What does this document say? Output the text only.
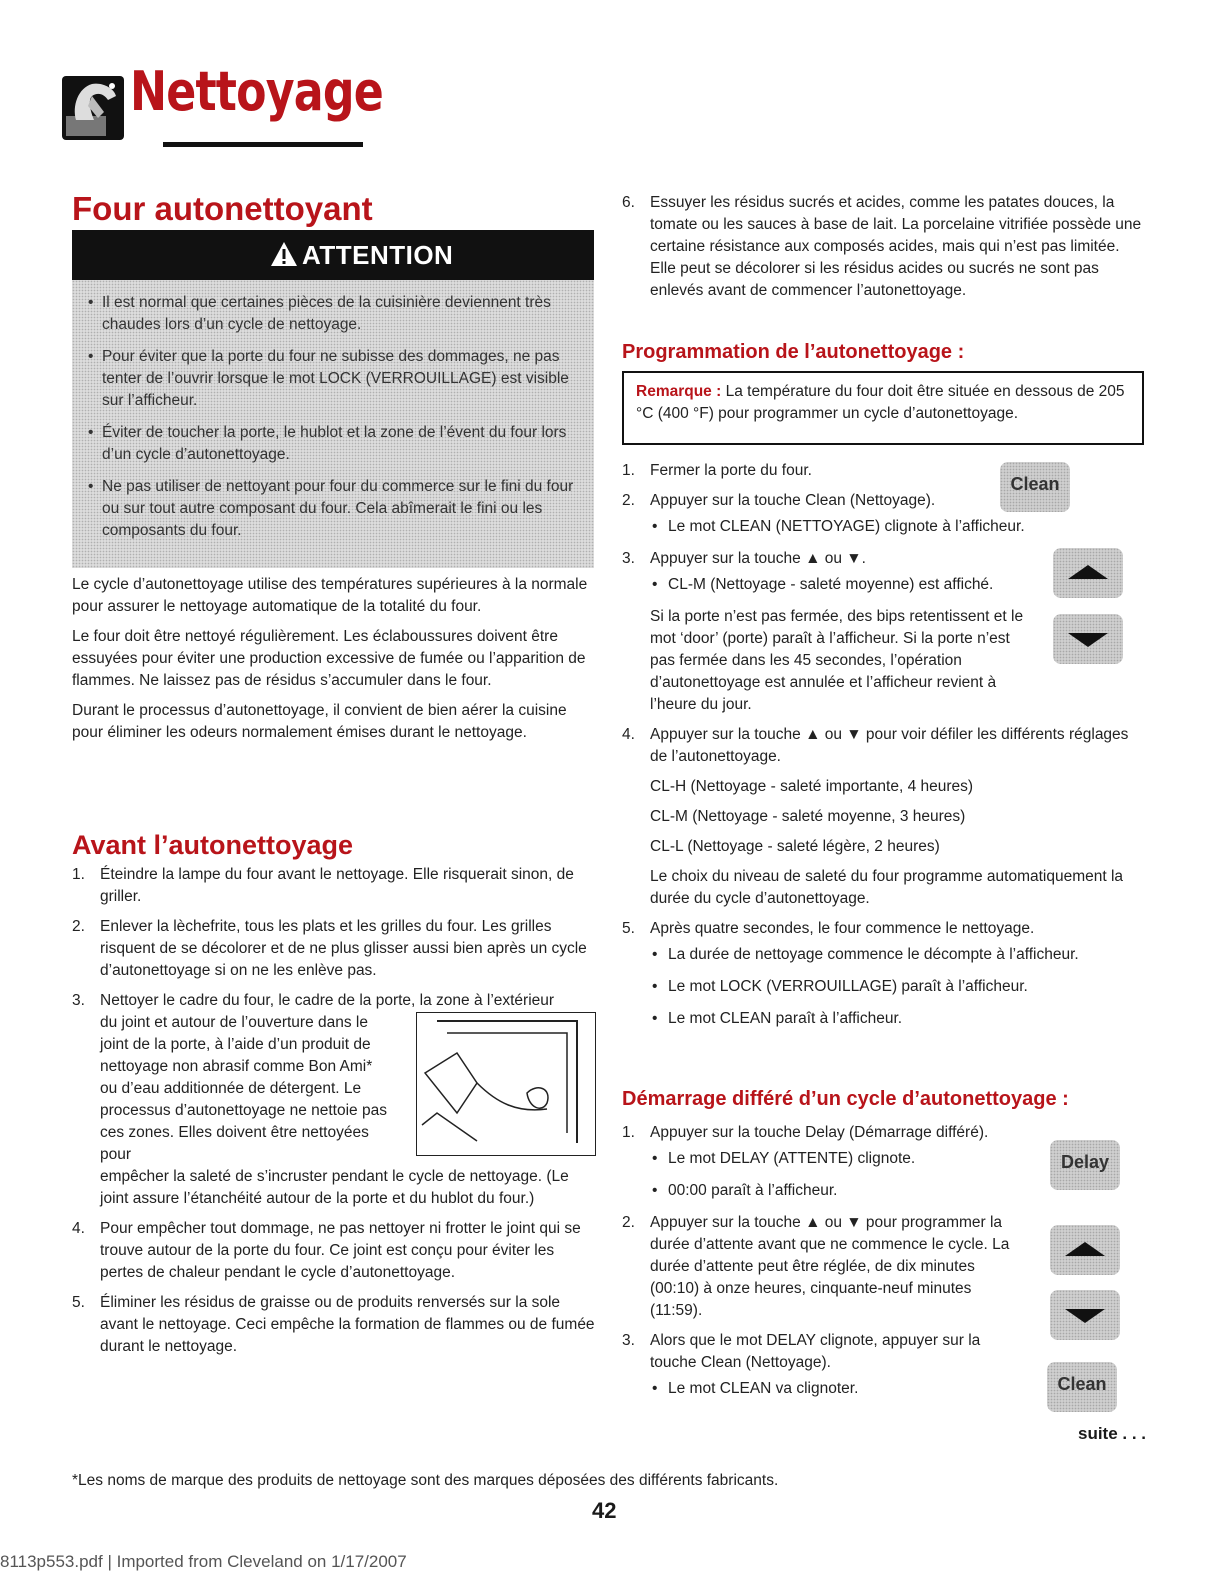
Nettoyage
Four autonettoyant
ATTENTION
• Il est normal que certaines pièces de la cuisinière deviennent très chaudes lors d’un cycle de nettoyage.
• Pour éviter que la porte du four ne subisse des dommages, ne pas tenter de l’ouvrir lorsque le mot LOCK (VERROUILLAGE) est visible sur l’afficheur.
• Éviter de toucher la porte, le hublot et la zone de l’évent du four lors d’un cycle d’autonettoyage.
• Ne pas utiliser de nettoyant pour four du commerce sur le fini du four ou sur tout autre composant du four. Cela abîmerait le fini ou les composants du four.

Le cycle d’autonettoyage utilise des températures supérieures à la normale pour assurer le nettoyage automatique de la totalité du four.

Le four doit être nettoyé régulièrement. Les éclaboussures doivent être essuyées pour éviter une production excessive de fumée ou l’apparition de flammes. Ne laissez pas de résidus s’accumuler dans le four.

Durant le processus d’autonettoyage, il convient de bien aérer la cuisine pour éliminer les odeurs normalement émises durant le nettoyage.

Avant l’autonettoyage
1. Éteindre la lampe du four avant le nettoyage. Elle risquerait sinon, de griller.
2. Enlever la lèchefrite, tous les plats et les grilles du four. Les grilles risquent de se décolorer et de ne plus glisser aussi bien après un cycle d’autonettoyage si on ne les enlève pas.
3. Nettoyer le cadre du four, le cadre de la porte, la zone à l’extérieur
du joint et autour de l’ouverture dans le joint de la porte, à l’aide d’un produit de nettoyage non abrasif comme Bon Ami* ou d’eau additionnée de détergent. Le processus d’autonettoyage ne nettoie pas ces zones. Elles doivent être nettoyées pour
empêcher la saleté de s’incruster pendant le cycle de nettoyage. (Le joint assure l’étanchéité autour de la porte et du hublot du four.)
4. Pour empêcher tout dommage, ne pas nettoyer ni frotter le joint qui se trouve autour de la porte du four. Ce joint est conçu pour éviter les pertes de chaleur pendant le cycle d’autonettoyage.
5. Éliminer les résidus de graisse ou de produits renversés sur la sole avant le nettoyage. Ceci empêche la formation de flammes ou de fumée durant le nettoyage.
6. Essuyer les résidus sucrés et acides, comme les patates douces, la tomate ou les sauces à base de lait. La porcelaine vitrifiée possède une certaine résistance aux composés acides, mais qui n’est pas limitée. Elle peut se décolorer si les résidus acides ou sucrés ne sont pas enlevés avant de commencer l’autonettoyage.
Programmation de l’autonettoyage :

Remarque : La température du four doit être située en dessous de 205 °C (400 °F) pour programmer un cycle d’autonettoyage.

1. Fermer la porte du four.
2. Appuyer sur la touche Clean (Nettoyage).
• Le mot CLEAN (NETTOYAGE) clignote à l’afficheur.
3. Appuyer sur la touche ▲ ou ▼.
• CL-M (Nettoyage - saleté moyenne) est affiché.
Si la porte n’est pas fermée, des bips retentissent et le mot ‘door’ (porte) paraît à l’afficheur. Si la porte n’est pas fermée dans les 45 secondes, l’opération d’autonettoyage est annulée et l’afficheur revient à l’heure du jour.
4. Appuyer sur la touche ▲ ou ▼ pour voir défiler les différents réglages de l’autonettoyage.
CL-H (Nettoyage - saleté importante, 4 heures)
CL-M (Nettoyage - saleté moyenne, 3 heures)
CL-L (Nettoyage - saleté légère, 2 heures)
Le choix du niveau de saleté du four programme automatiquement la durée du cycle d’autonettoyage.
5. Après quatre secondes, le four commence le nettoyage.
• La durée de nettoyage commence le décompte à l’afficheur.
• Le mot LOCK (VERROUILLAGE) paraît à l’afficheur.
• Le mot CLEAN paraît à l’afficheur.
Démarrage différé d’un cycle d’autonettoyage :
1. Appuyer sur la touche Delay (Démarrage différé).
• Le mot DELAY (ATTENTE) clignote.
• 00:00 paraît à l’afficheur.
2. Appuyer sur la touche ▲ ou ▼ pour programmer la durée d’attente avant que ne commence le cycle. La durée d’attente peut être réglée, de dix minutes (00:10) à onze heures, cinquante-neuf minutes (11:59).
3. Alors que le mot DELAY clignote, appuyer sur la touche Clean (Nettoyage).
• Le mot CLEAN va clignoter.
Clean
Delay
Clean
suite . . .
*Les noms de marque des produits de nettoyage sont des marques déposées des différents fabricants.
42
8113p553.pdf | Imported from Cleveland on 1/17/2007
